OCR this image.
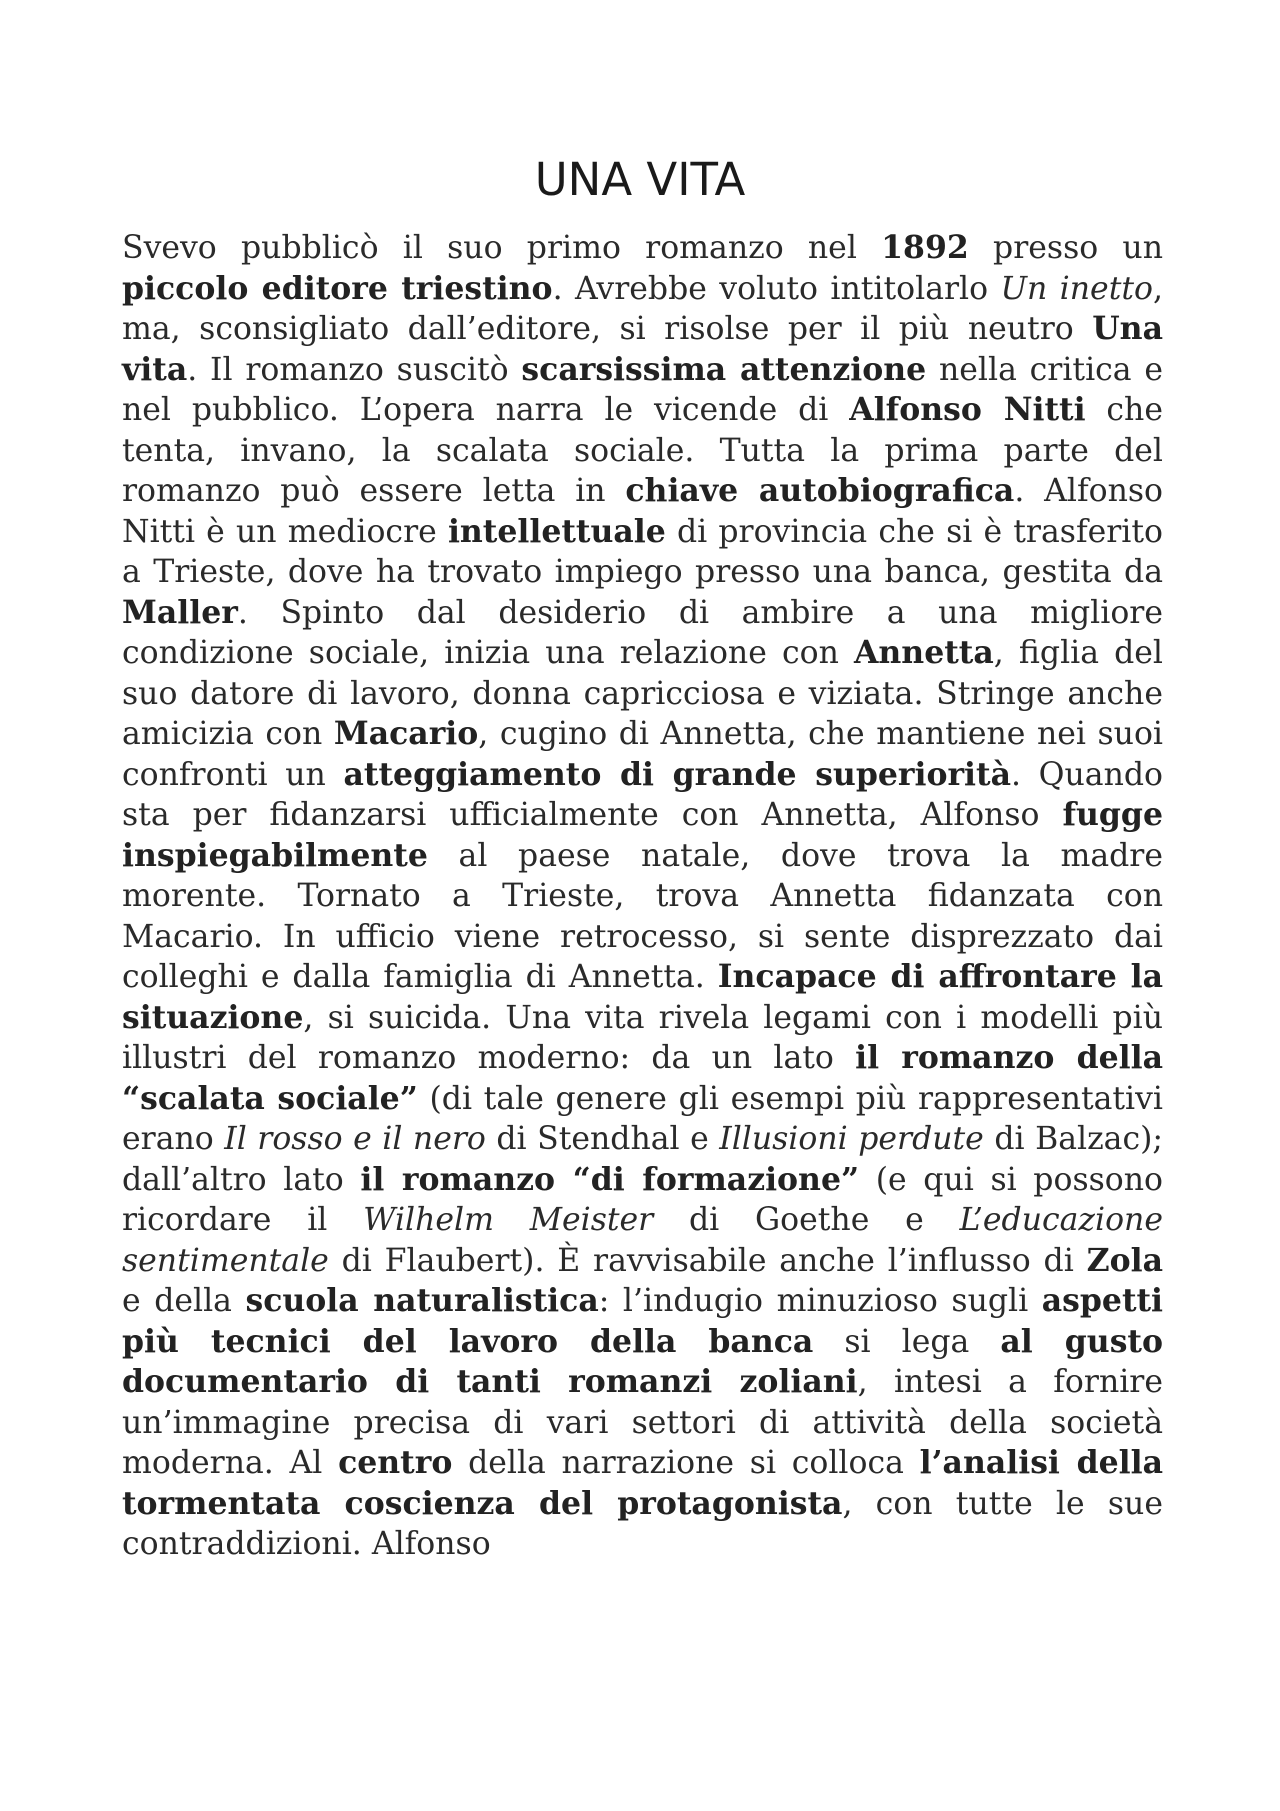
UNA VITA

Svevo pubblicò il suo primo romanzo nel 1892 presso un piccolo editore triestino. Avrebbe voluto intitolarlo Un inetto, ma, sconsigliato dall’editore, si risolse per il più neutro Una vita. Il romanzo suscitò scarsissima attenzione nella critica e nel pubblico. L’opera narra le vicende di Alfonso Nitti che tenta, invano, la scalata sociale. Tutta la prima parte del romanzo può essere letta in chiave autobiografica. Alfonso Nitti è un mediocre intellettuale di provincia che si è trasferito a Trieste, dove ha trovato impiego presso una banca, gestita da Maller. Spinto dal desiderio di ambire a una migliore condizione sociale, inizia una relazione con Annetta, figlia del suo datore di lavoro, donna capricciosa e viziata. Stringe anche amicizia con Macario, cugino di Annetta, che mantiene nei suoi confronti un atteggiamento di grande superiorità. Quando sta per fidanzarsi ufficialmente con Annetta, Alfonso fugge inspiegabilmente al paese natale, dove trova la madre morente. Tornato a Trieste, trova Annetta fidanzata con Macario. In ufficio viene retrocesso, si sente disprezzato dai colleghi e dalla famiglia di Annetta. Incapace di affrontare la situazione, si suicida. Una vita rivela legami con i modelli più illustri del romanzo moderno: da un lato il romanzo della “scalata sociale” (di tale genere gli esempi più rappresentativi erano Il rosso e il nero di Stendhal e Illusioni perdute di Balzac); dall’altro lato il romanzo “di formazione” (e qui si possono ricordare il Wilhelm Meister di Goethe e L’educazione sentimentale di Flaubert). È ravvisabile anche l’influsso di Zola e della scuola naturalistica: l’indugio minuzioso sugli aspetti più tecnici del lavoro della banca si lega al gusto documentario di tanti romanzi zoliani, intesi a fornire un’immagine precisa di vari settori di attività della società moderna. Al centro della narrazione si colloca l’analisi della tormentata coscienza del protagonista, con tutte le sue contraddizioni. Alfonso
